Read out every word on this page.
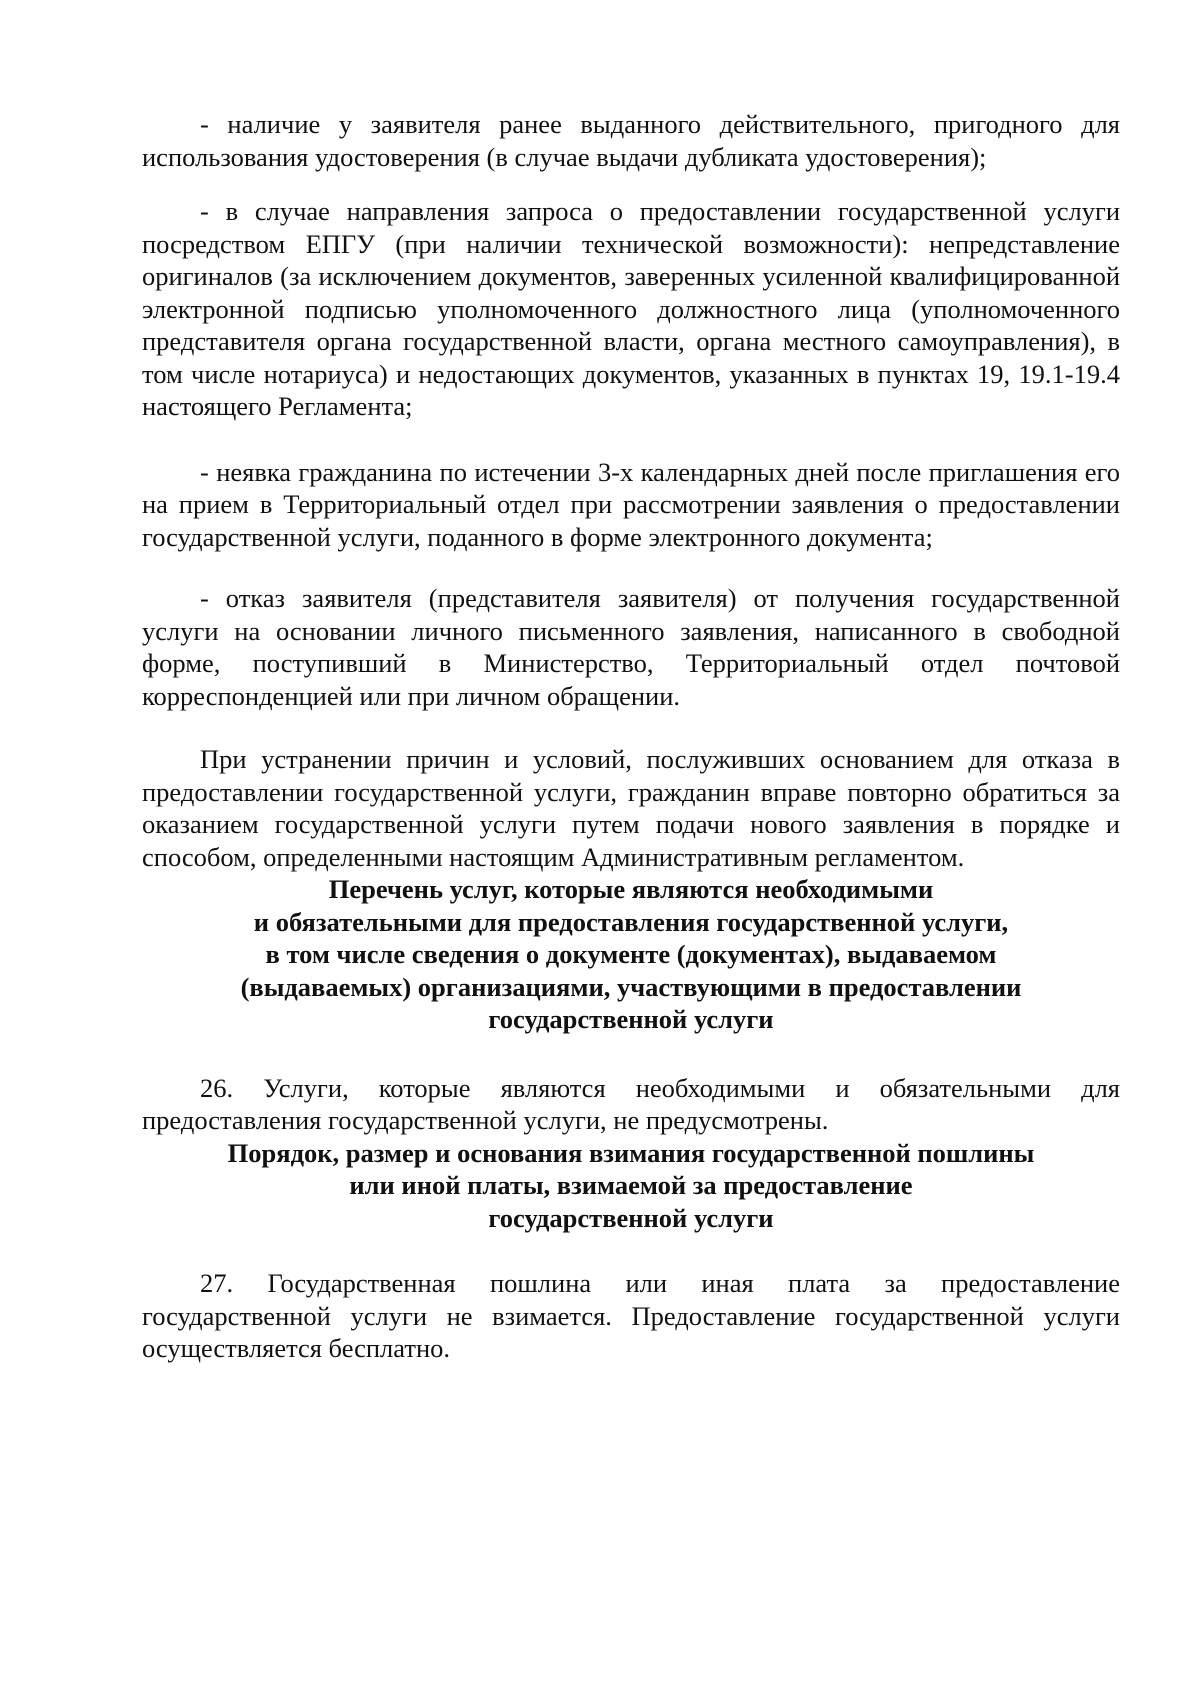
- наличие у заявителя ранее выданного действительного, пригодного для использования удостоверения (в случае выдачи дубликата удостоверения);

- в случае направления запроса о предоставлении государственной услуги посредством ЕПГУ (при наличии технической возможности): непредставление оригиналов (за исключением документов, заверенных усиленной квалифицированной электронной подписью уполномоченного должностного лица (уполномоченного представителя органа государственной власти, органа местного самоуправления), в том числе нотариуса) и недостающих документов, указанных в пунктах 19, 19.1-19.4 настоящего Регламента;

- неявка гражданина по истечении 3-х календарных дней после приглашения его на прием в Территориальный отдел при рассмотрении заявления о предоставлении государственной услуги, поданного в форме электронного документа;

- отказ заявителя (представителя заявителя) от получения государственной услуги на основании личного письменного заявления, написанного в свободной форме, поступивший в Министерство, Территориальный отдел почтовой корреспонденцией или при личном обращении.

При устранении причин и условий, послуживших основанием для отказа в предоставлении государственной услуги, гражданин вправе повторно обратиться за оказанием государственной услуги путем подачи нового заявления в порядке и способом, определенными настоящим Административным регламентом.

Перечень услуг, которые являются необходимыми
и обязательными для предоставления государственной услуги,
в том числе сведения о документе (документах), выдаваемом
(выдаваемых) организациями, участвующими в предоставлении
государственной услуги

26. Услуги, которые являются необходимыми и обязательными для предоставления государственной услуги, не предусмотрены.

Порядок, размер и основания взимания государственной пошлины
или иной платы, взимаемой за предоставление
государственной услуги

27. Государственная пошлина или иная плата за предоставление государственной услуги не взимается. Предоставление государственной услуги осуществляется бесплатно.
